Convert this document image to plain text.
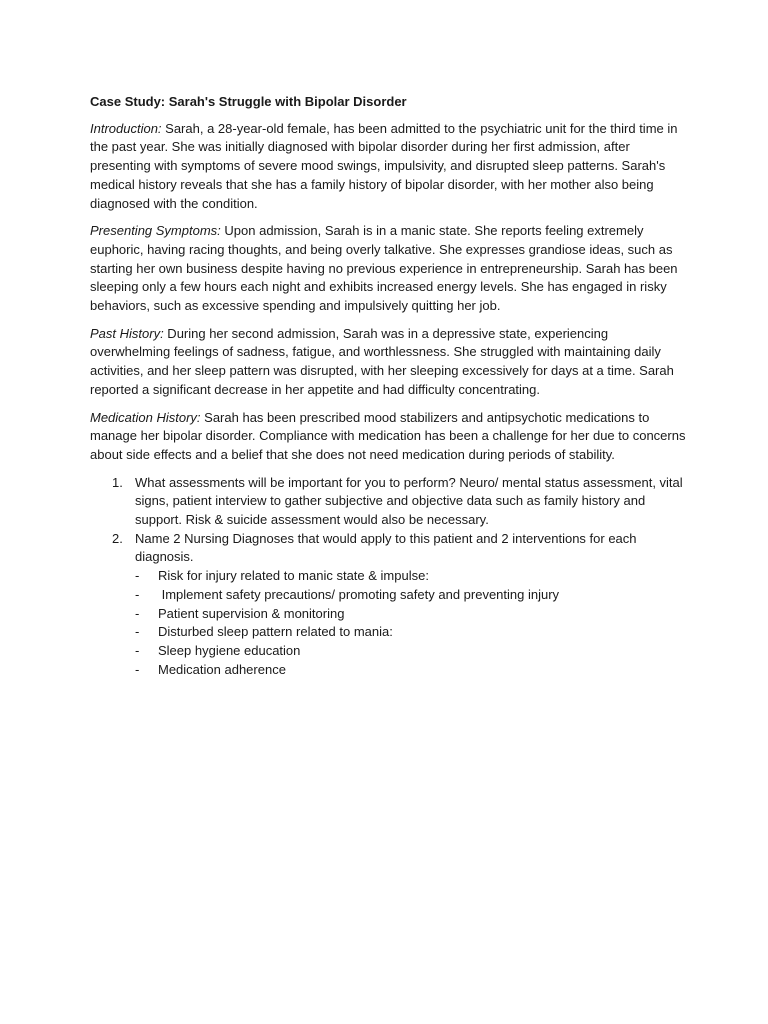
Case Study: Sarah's Struggle with Bipolar Disorder

Introduction: Sarah, a 28-year-old female, has been admitted to the psychiatric unit for the third time in the past year. She was initially diagnosed with bipolar disorder during her first admission, after presenting with symptoms of severe mood swings, impulsivity, and disrupted sleep patterns. Sarah's medical history reveals that she has a family history of bipolar disorder, with her mother also being diagnosed with the condition.

Presenting Symptoms: Upon admission, Sarah is in a manic state. She reports feeling extremely euphoric, having racing thoughts, and being overly talkative. She expresses grandiose ideas, such as starting her own business despite having no previous experience in entrepreneurship. Sarah has been sleeping only a few hours each night and exhibits increased energy levels. She has engaged in risky behaviors, such as excessive spending and impulsively quitting her job.

Past History: During her second admission, Sarah was in a depressive state, experiencing overwhelming feelings of sadness, fatigue, and worthlessness. She struggled with maintaining daily activities, and her sleep pattern was disrupted, with her sleeping excessively for days at a time. Sarah reported a significant decrease in her appetite and had difficulty concentrating.

Medication History: Sarah has been prescribed mood stabilizers and antipsychotic medications to manage her bipolar disorder. Compliance with medication has been a challenge for her due to concerns about side effects and a belief that she does not need medication during periods of stability.

1. What assessments will be important for you to perform? Neuro/ mental status assessment, vital signs, patient interview to gather subjective and objective data such as family history and support. Risk & suicide assessment would also be necessary.
2. Name 2 Nursing Diagnoses that would apply to this patient and 2 interventions for each diagnosis.
- Risk for injury related to manic state & impulse:
- Implement safety precautions/ promoting safety and preventing injury
- Patient supervision & monitoring
- Disturbed sleep pattern related to mania:
- Sleep hygiene education
- Medication adherence
